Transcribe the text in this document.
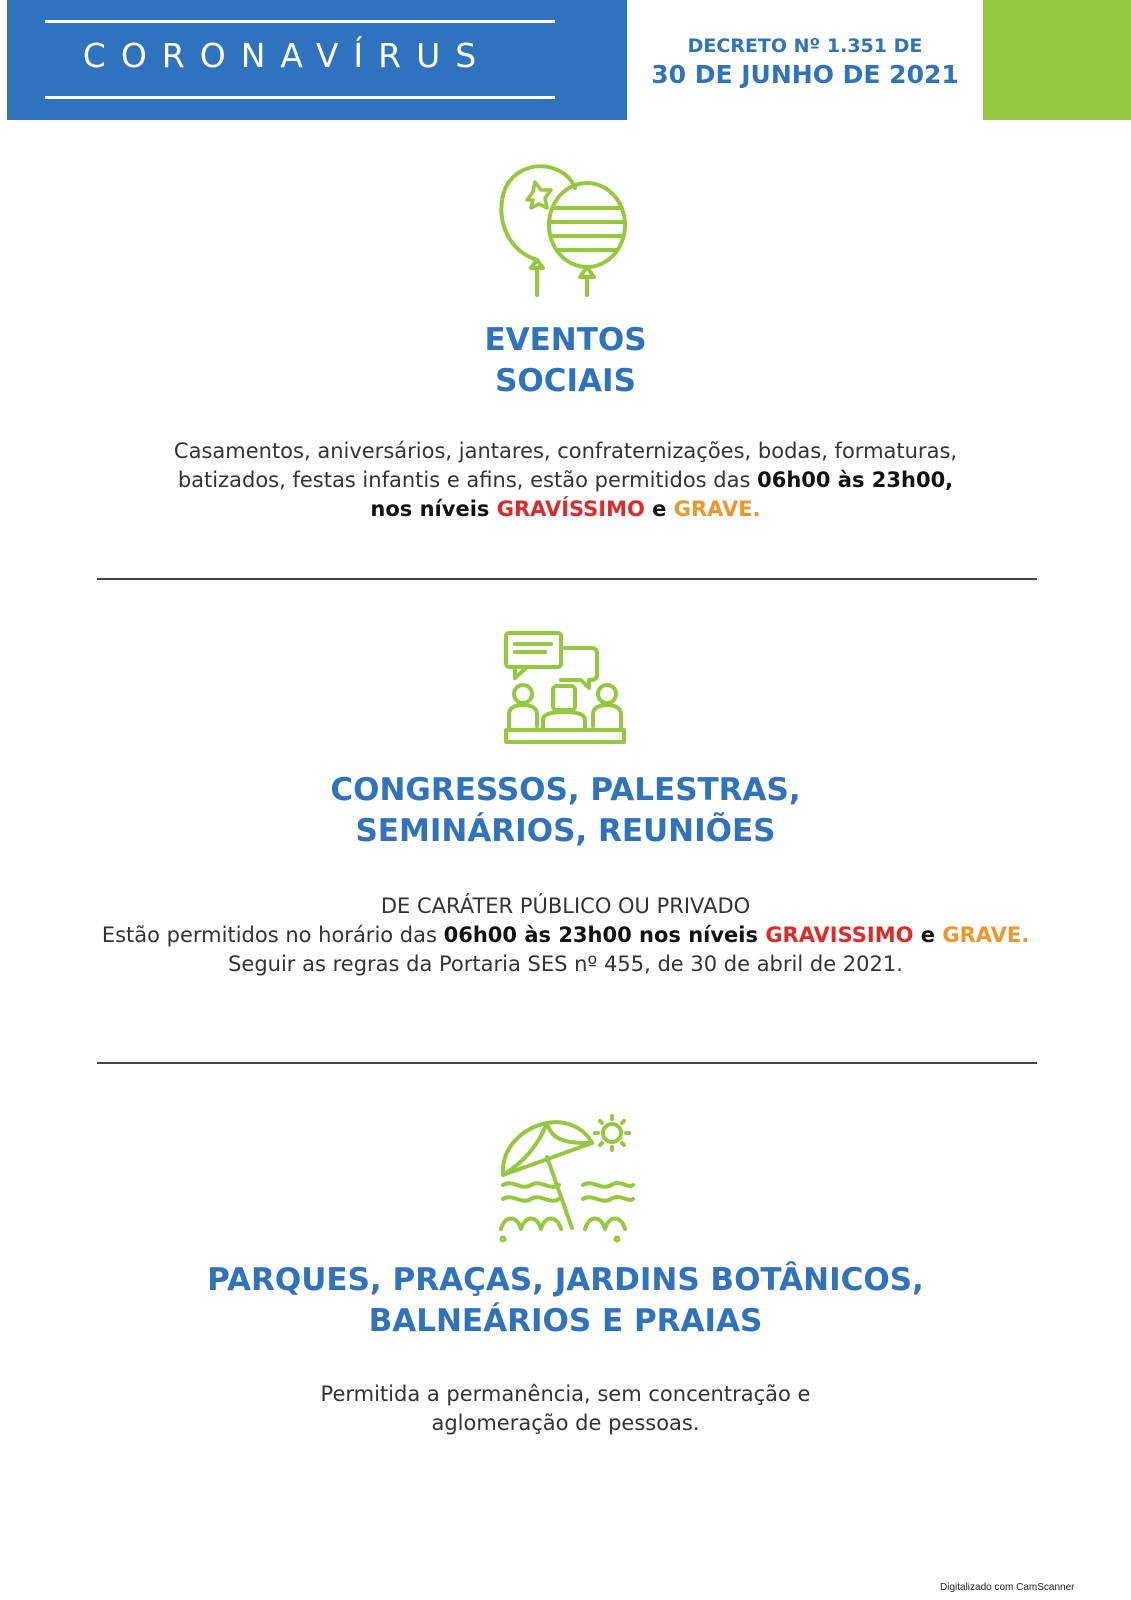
CORONAVÍRUS	DECRETO Nº 1.351 DE
30 DE JUNHO DE 2021
EVENTOS
SOCIAIS
Casamentos, aniversários, jantares, confraternizações, bodas, formaturas,
batizados, festas infantis e afins, estão permitidos das 06h00 às 23h00,
nos níveis GRAVÍSSIMO e GRAVE.
CONGRESSOS, PALESTRAS,
SEMINÁRIOS, REUNIÕES
DE CARÁTER PÚBLICO OU PRIVADO
Estão permitidos no horário das 06h00 às 23h00 nos níveis GRAVISSIMO e GRAVE.
Seguir as regras da Portaria SES nº 455, de 30 de abril de 2021.
PARQUES, PRAÇAS, JARDINS BOTÂNICOS,
BALNEÁRIOS E PRAIAS
Permitida a permanência, sem concentração e
aglomeração de pessoas.
Digitalizado com CamScanner
